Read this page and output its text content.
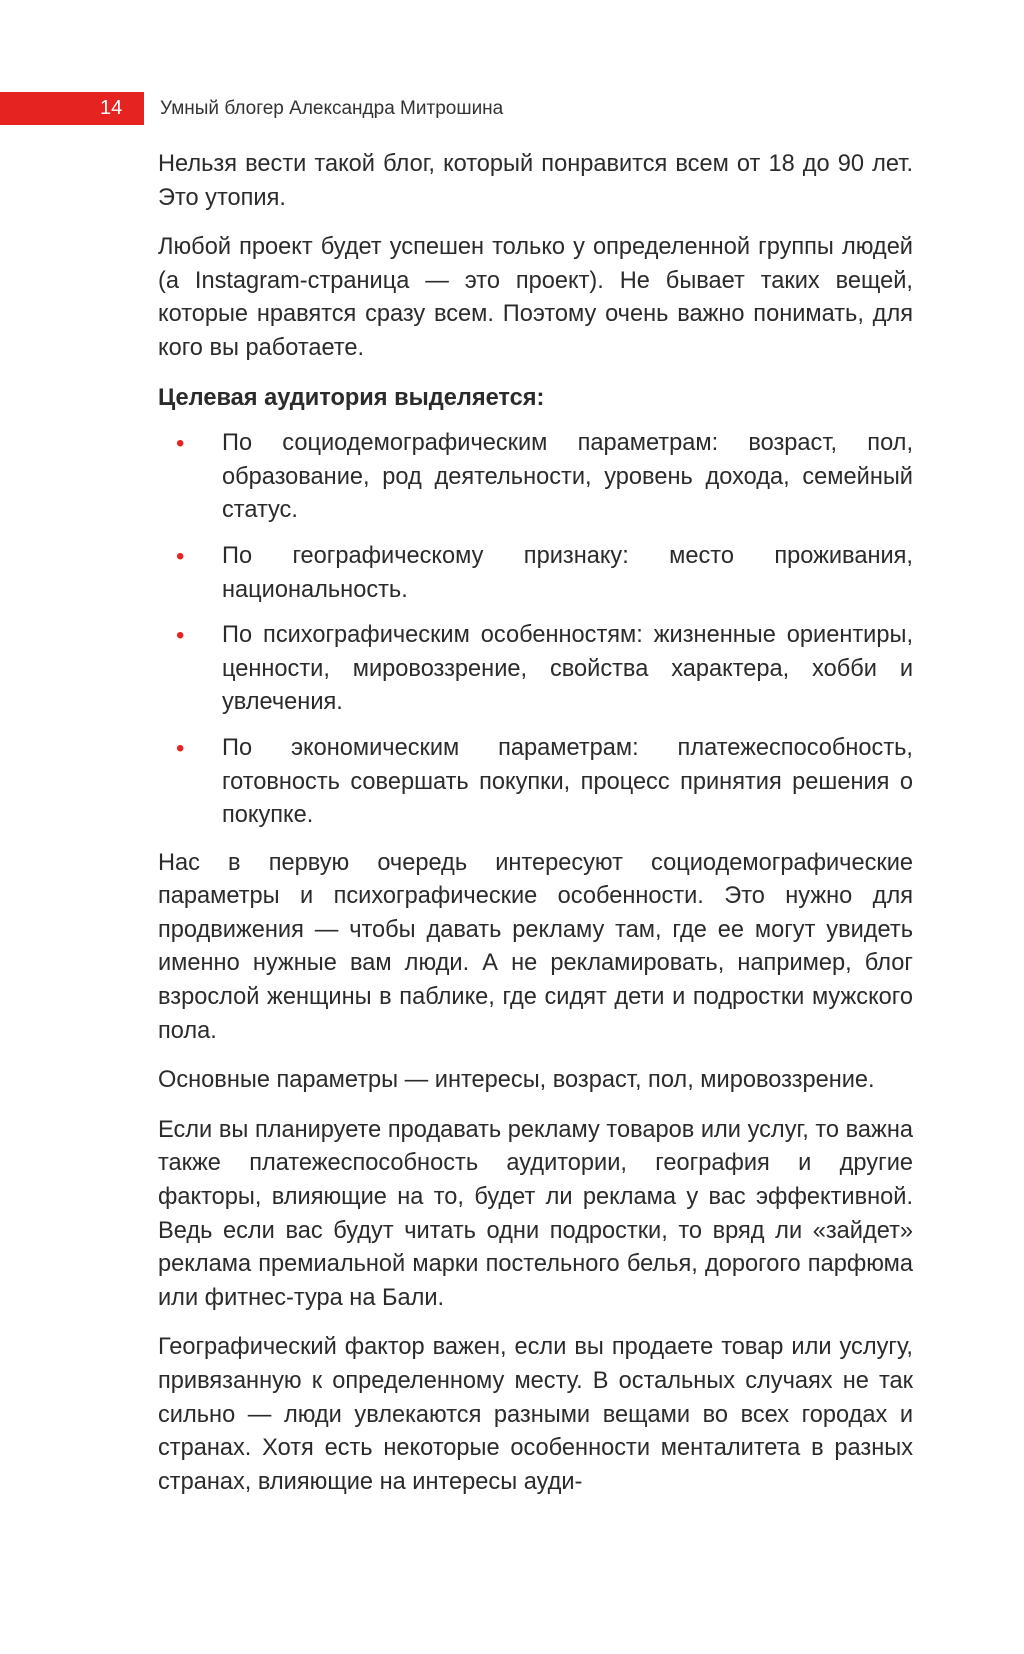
14 Умный блогер Александра Митрошина

Нельзя вести такой блог, который понравится всем от 18 до 90 лет. Это утопия.

Любой проект будет успешен только у определенной группы людей (а Instagram-страница — это проект). Не бывает таких вещей, которые нравятся сразу всем. Поэтому очень важно понимать, для кого вы работаете.

Целевая аудитория выделяется:

• По социодемографическим параметрам: возраст, пол, образование, род деятельности, уровень дохода, семейный статус.
• По географическому признаку: место проживания, национальность.
• По психографическим особенностям: жизненные ориентиры, ценности, мировоззрение, свойства характера, хобби и увлечения.
• По экономическим параметрам: платежеспособность, готовность совершать покупки, процесс принятия решения о покупке.

Нас в первую очередь интересуют социодемографические параметры и психографические особенности. Это нужно для продвижения — чтобы давать рекламу там, где ее могут увидеть именно нужные вам люди. А не рекламировать, например, блог взрослой женщины в паблике, где сидят дети и подростки мужского пола.

Основные параметры — интересы, возраст, пол, мировоззрение.

Если вы планируете продавать рекламу товаров или услуг, то важна также платежеспособность аудитории, география и другие факторы, влияющие на то, будет ли реклама у вас эффективной. Ведь если вас будут читать одни подростки, то вряд ли «зайдет» реклама премиальной марки постельного белья, дорогого парфюма или фитнес-тура на Бали.

Географический фактор важен, если вы продаете товар или услугу, привязанную к определенному месту. В остальных случаях не так сильно — люди увлекаются разными вещами во всех городах и странах. Хотя есть некоторые особенности менталитета в разных странах, влияющие на интересы ауди-
